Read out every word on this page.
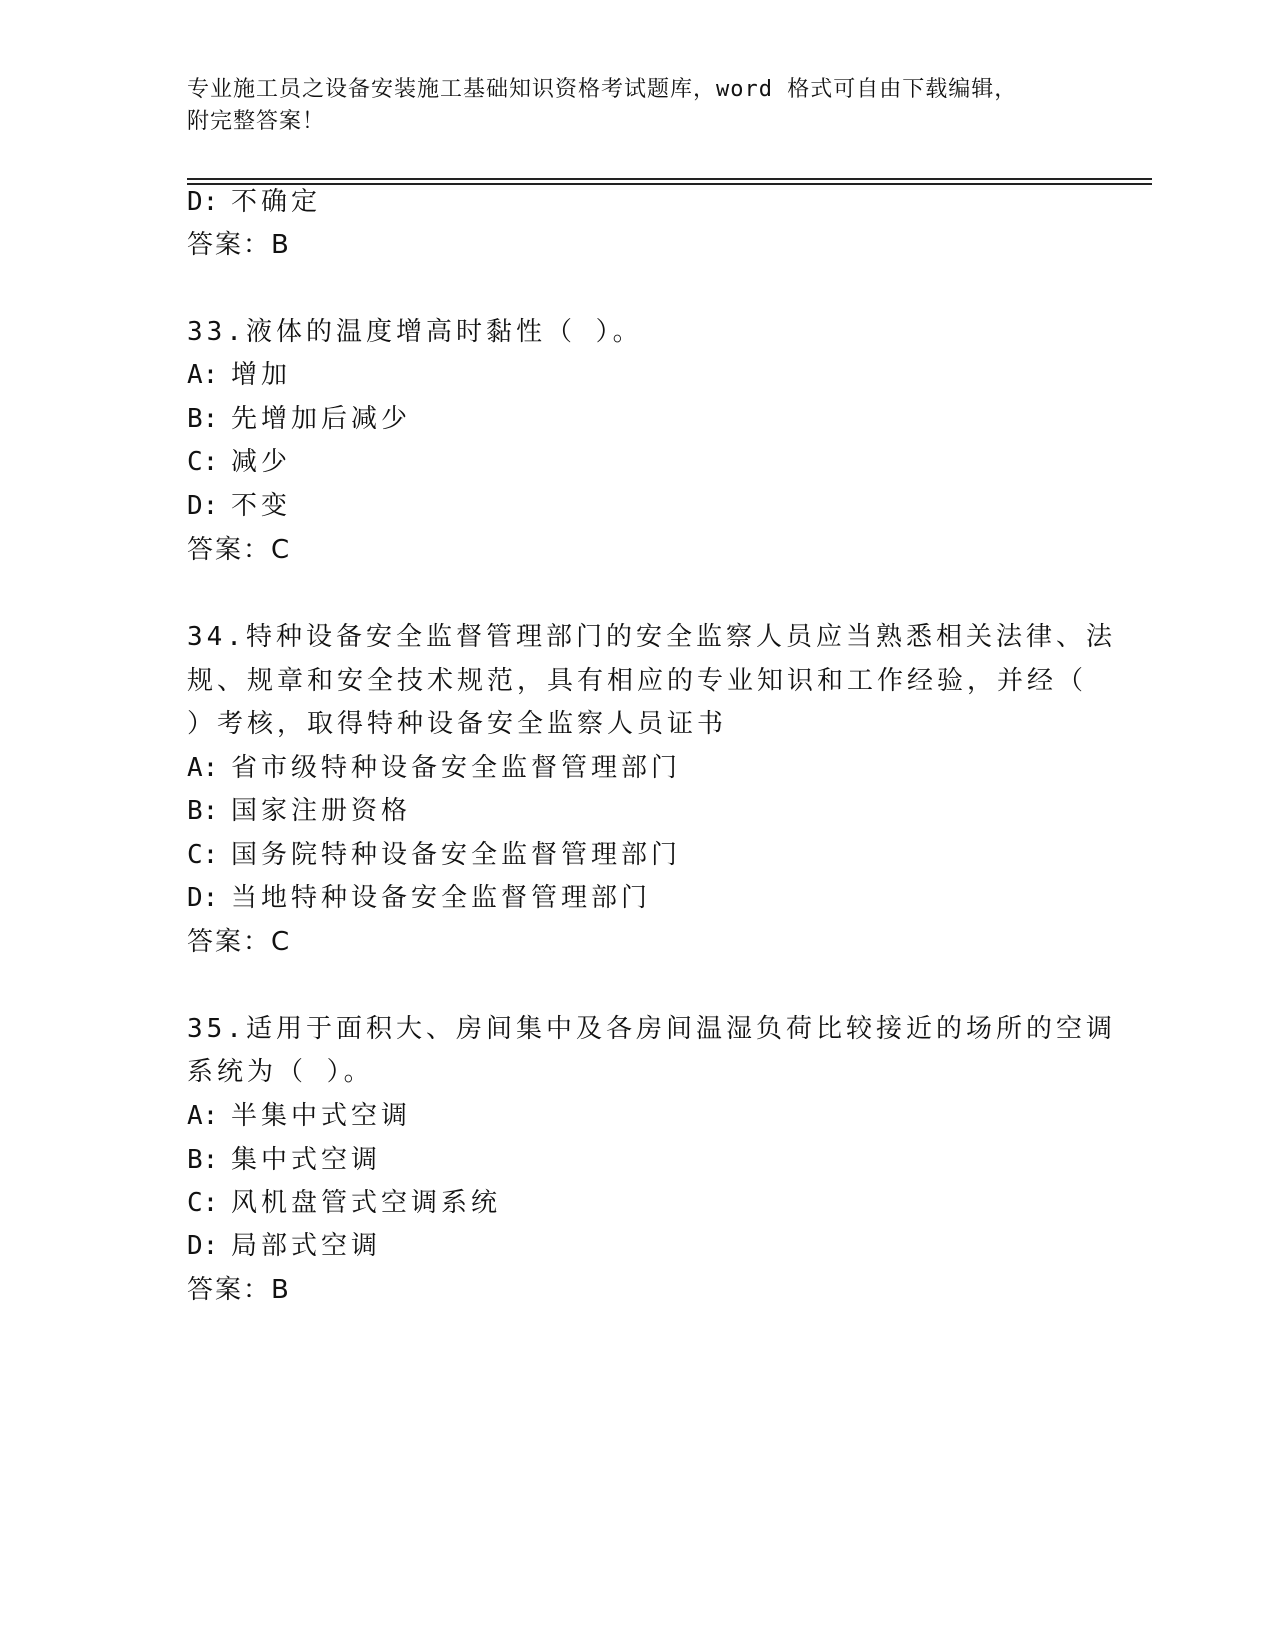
专业施工员之设备安装施工基础知识资格考试题库，word 格式可自由下载编辑，
附完整答案！
D: 不确定
答案：B
33.液体的温度增高时黏性（ ）。
A: 增加
B: 先增加后减少
C: 减少
D: 不变
答案：C
34.特种设备安全监督管理部门的安全监察人员应当熟悉相关法律、法
规、规章和安全技术规范，具有相应的专业知识和工作经验，并经（
）考核，取得特种设备安全监察人员证书
A: 省市级特种设备安全监督管理部门
B: 国家注册资格
C: 国务院特种设备安全监督管理部门
D: 当地特种设备安全监督管理部门
答案：C
35.适用于面积大、房间集中及各房间温湿负荷比较接近的场所的空调
系统为（ ）。
A: 半集中式空调
B: 集中式空调
C: 风机盘管式空调系统
D: 局部式空调
答案：B
